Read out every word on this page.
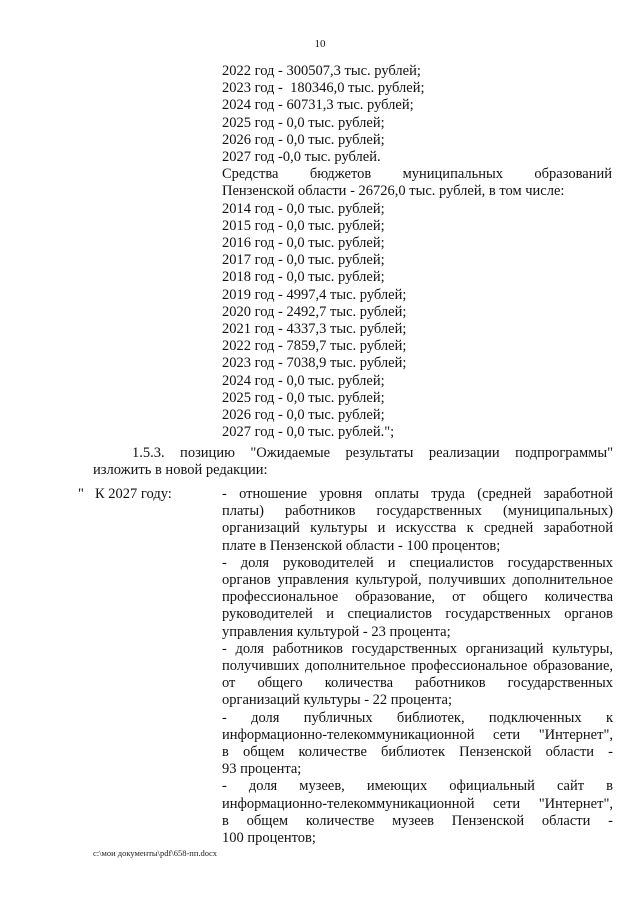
10
2022 год - 300507,3 тыс. рублей;
2023 год -  180346,0 тыс. рублей;
2024 год - 60731,3 тыс. рублей;
2025 год - 0,0 тыс. рублей;
2026 год - 0,0 тыс. рублей;
2027 год -0,0 тыс. рублей.
Средства бюджетов муниципальных образований
Пензенской области - 26726,0 тыс. рублей, в том числе:
2014 год - 0,0 тыс. рублей;
2015 год - 0,0 тыс. рублей;
2016 год - 0,0 тыс. рублей;
2017 год - 0,0 тыс. рублей;
2018 год - 0,0 тыс. рублей;
2019 год - 4997,4 тыс. рублей;
2020 год - 2492,7 тыс. рублей;
2021 год - 4337,3 тыс. рублей;
2022 год - 7859,7 тыс. рублей;
2023 год - 7038,9 тыс. рублей;
2024 год - 0,0 тыс. рублей;
2025 год - 0,0 тыс. рублей;
2026 год - 0,0 тыс. рублей;
2027 год - 0,0 тыс. рублей.";
1.5.3. позицию "Ожидаемые результаты реализации подпрограммы"
изложить в новой редакции:
" К 2027 году:	- отношение уровня оплаты труда (средней заработной
платы) работников государственных (муниципальных)
организаций культуры и искусства к средней заработной
плате в Пензенской области - 100 процентов;
- доля руководителей и специалистов государственных
органов управления культурой, получивших дополнительное
профессиональное образование, от общего количества
руководителей и специалистов государственных органов
управления культурой - 23 процента;
- доля работников государственных организаций культуры,
получивших дополнительное профессиональное образование,
от общего количества работников государственных
организаций культуры - 22 процента;
- доля публичных библиотек, подключенных к
информационно-телекоммуникационной сети "Интернет",
в общем количестве библиотек Пензенской области -
93 процента;
- доля музеев, имеющих официальный сайт в
информационно-телекоммуникационной сети "Интернет",
в общем количестве музеев Пензенской области -
100 процентов;
c:\мои документы\pdf\658-пп.docx
